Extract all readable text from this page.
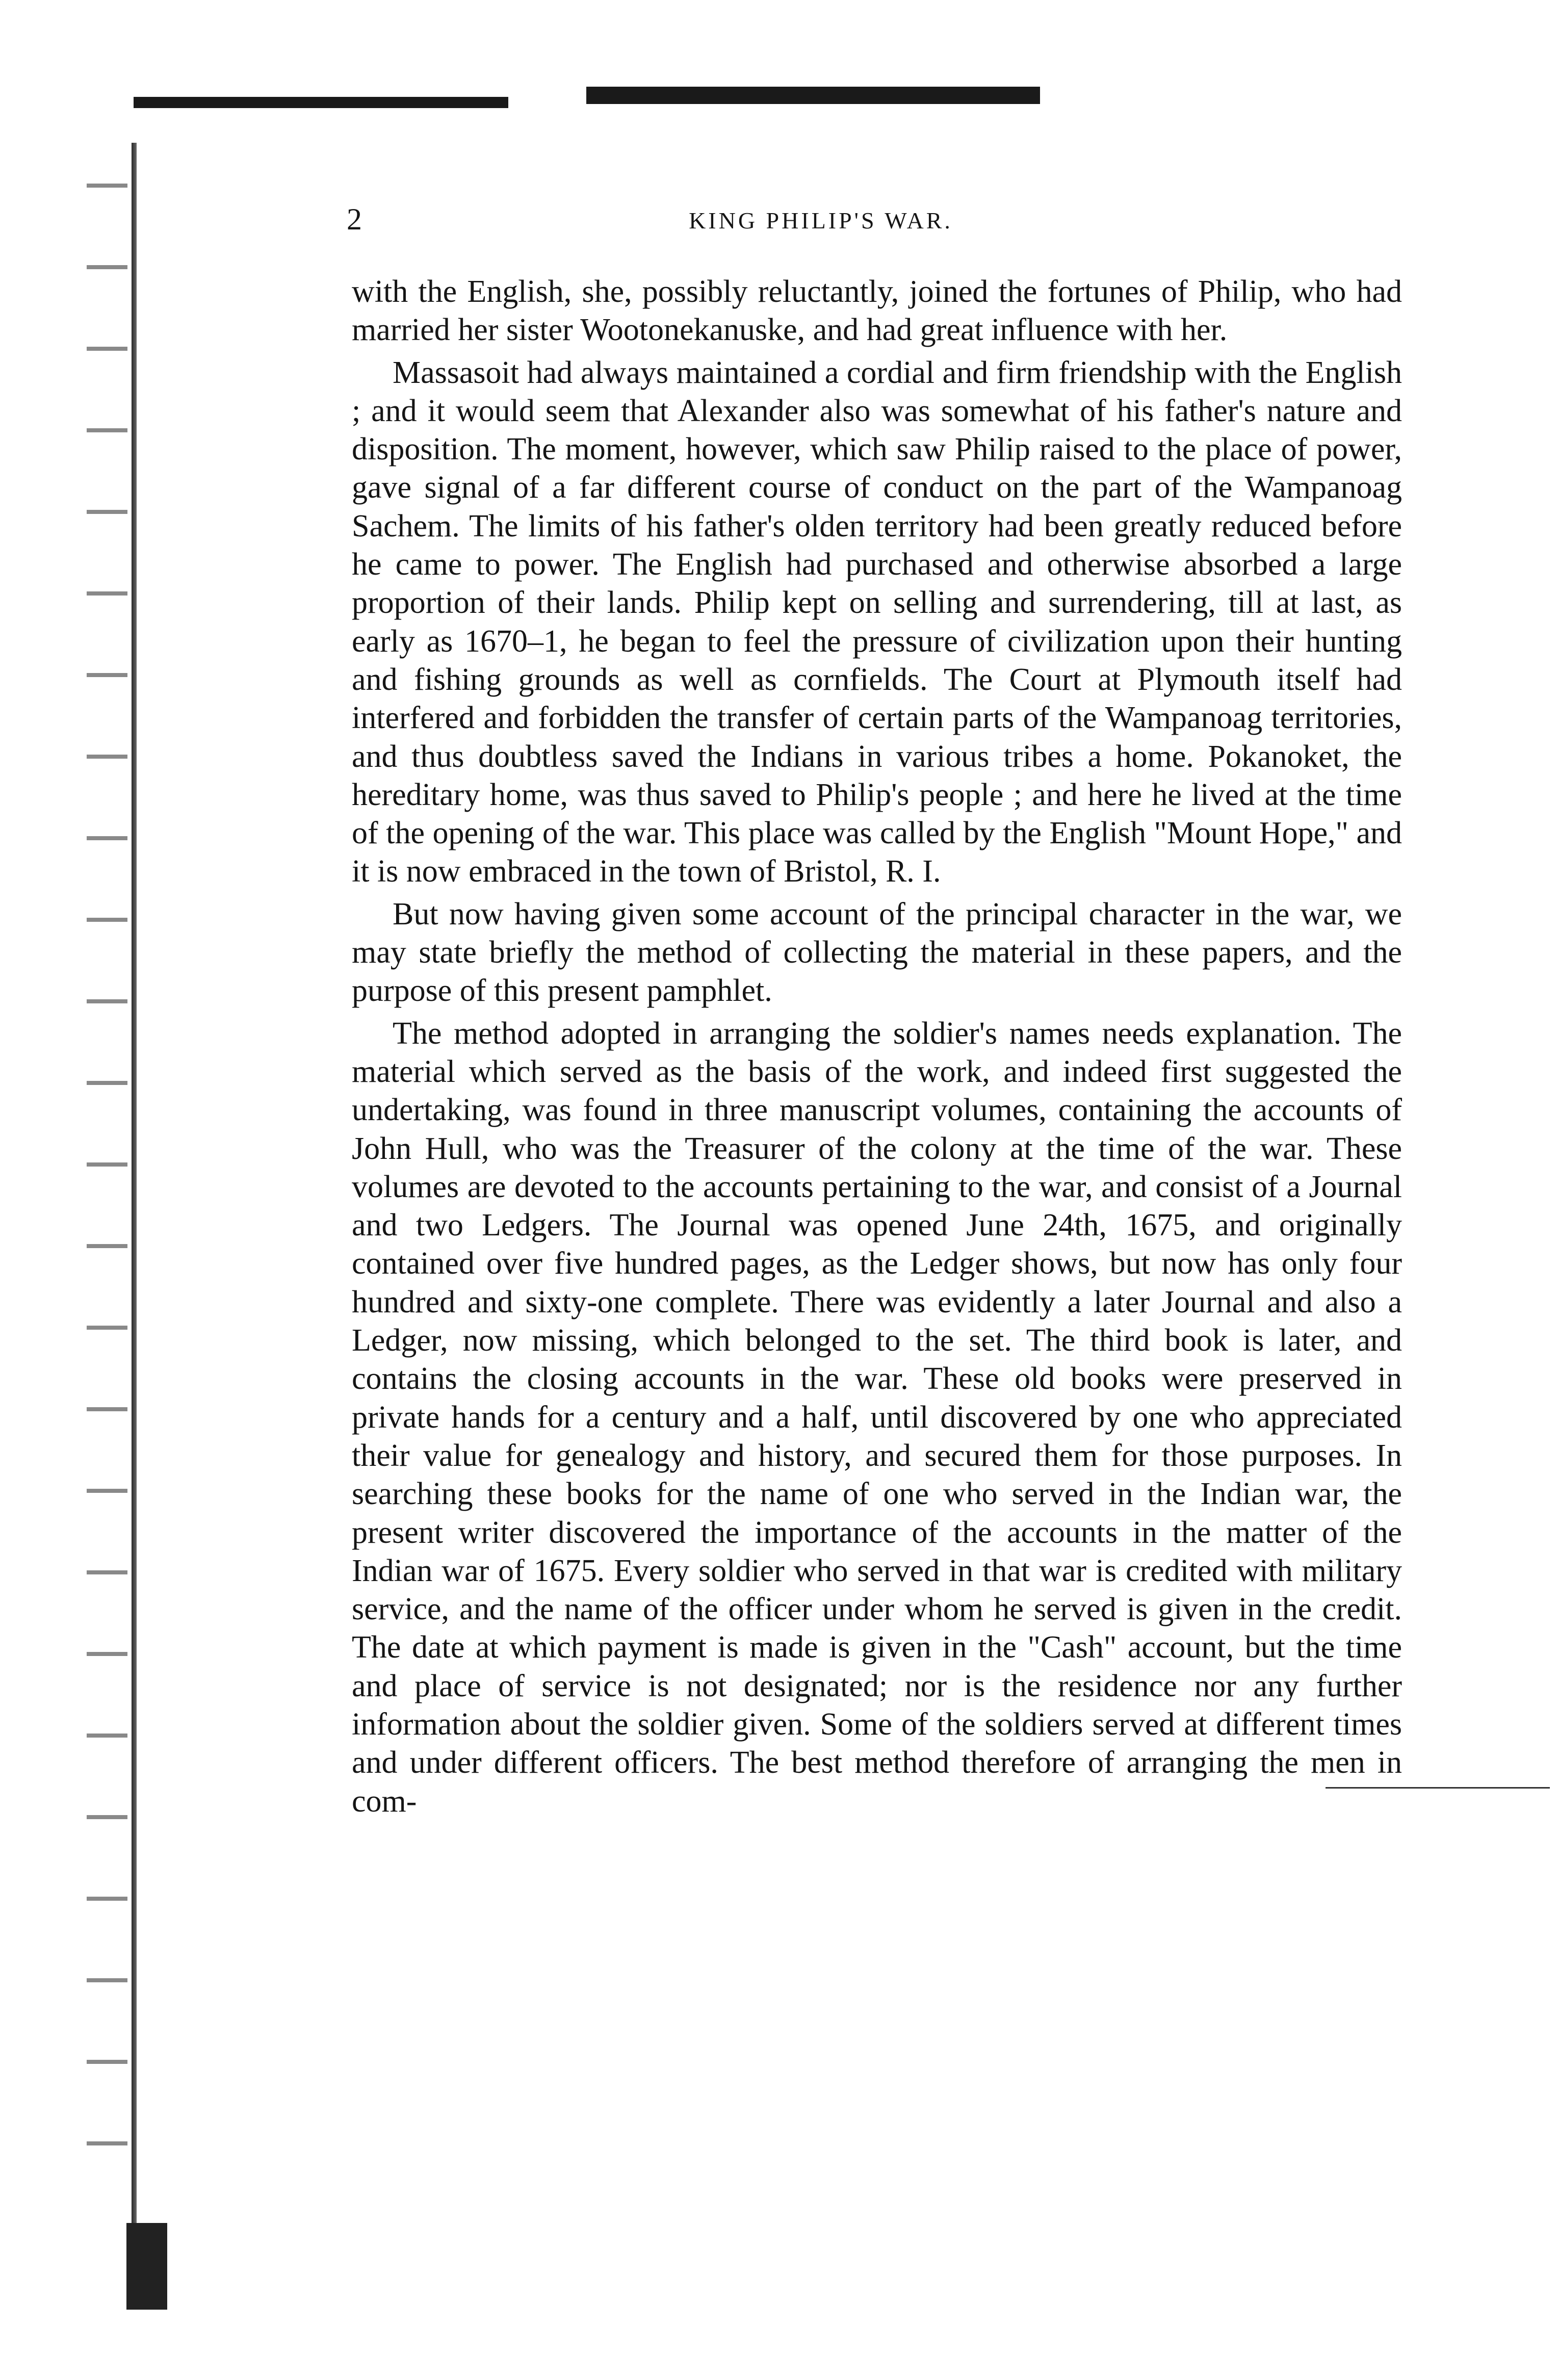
2	KING PHILIP'S WAR.

with the English, she, possibly reluctantly, joined the fortunes of Philip, who had married her sister Wootonekanuske, and had great influence with her.

Massasoit had always maintained a cordial and firm friendship with the English ; and it would seem that Alexander also was somewhat of his father's nature and disposition. The moment, however, which saw Philip raised to the place of power, gave signal of a far different course of conduct on the part of the Wampanoag Sachem. The limits of his father's olden territory had been greatly reduced before he came to power. The English had purchased and otherwise absorbed a large proportion of their lands. Philip kept on selling and surrendering, till at last, as early as 1670–1, he began to feel the pressure of civilization upon their hunting and fishing grounds as well as cornfields. The Court at Plymouth itself had interfered and forbidden the transfer of certain parts of the Wampanoag territories, and thus doubtless saved the Indians in various tribes a home. Pokanoket, the hereditary home, was thus saved to Philip's people ; and here he lived at the time of the opening of the war. This place was called by the English "Mount Hope," and it is now embraced in the town of Bristol, R. I.

But now having given some account of the principal character in the war, we may state briefly the method of collecting the material in these papers, and the purpose of this present pamphlet.

The method adopted in arranging the soldier's names needs explanation. The material which served as the basis of the work, and indeed first suggested the undertaking, was found in three manuscript volumes, containing the accounts of John Hull, who was the Treasurer of the colony at the time of the war. These volumes are devoted to the accounts pertaining to the war, and consist of a Journal and two Ledgers. The Journal was opened June 24th, 1675, and originally contained over five hundred pages, as the Ledger shows, but now has only four hundred and sixty-one complete. There was evidently a later Journal and also a Ledger, now missing, which belonged to the set. The third book is later, and contains the closing accounts in the war. These old books were preserved in private hands for a century and a half, until discovered by one who appreciated their value for genealogy and history, and secured them for those purposes. In searching these books for the name of one who served in the Indian war, the present writer discovered the importance of the accounts in the matter of the Indian war of 1675. Every soldier who served in that war is credited with military service, and the name of the officer under whom he served is given in the credit. The date at which payment is made is given in the "Cash" account, but the time and place of service is not designated; nor is the residence nor any further information about the soldier given. Some of the soldiers served at different times and under different officers. The best method therefore of arranging the men in com-
